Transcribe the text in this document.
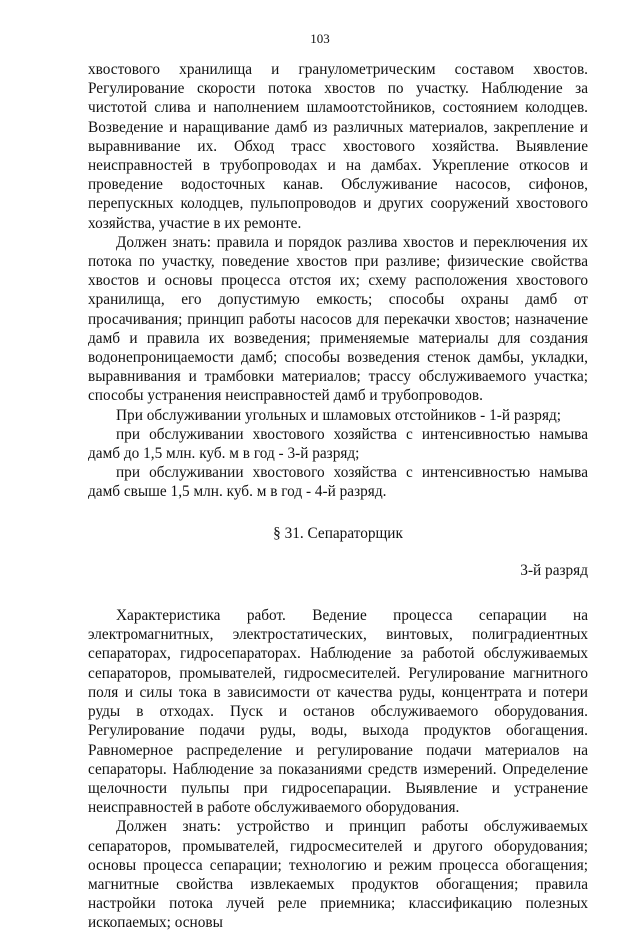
103

хвостового хранилища и гранулометрическим составом хвостов. Регулирование скорости потока хвостов по участку. Наблюдение за чистотой слива и наполнением шламоотстойников, состоянием колодцев. Возведение и наращивание дамб из различных материалов, закрепление и выравнивание их. Обход трасс хвостового хозяйства. Выявление неисправностей в трубопроводах и на дамбах. Укрепление откосов и проведение водосточных канав. Обслуживание насосов, сифонов, перепускных колодцев, пульпопроводов и других сооружений хвостового хозяйства, участие в их ремонте.

Должен знать: правила и порядок разлива хвостов и переключения их потока по участку, поведение хвостов при разливе; физические свойства хвостов и основы процесса отстоя их; схему расположения хвостового хранилища, его допустимую емкость; способы охраны дамб от просачивания; принцип работы насосов для перекачки хвостов; назначение дамб и правила их возведения; применяемые материалы для создания водонепроницаемости дамб; способы возведения стенок дамбы, укладки, выравнивания и трамбовки материалов; трассу обслуживаемого участка; способы устранения неисправностей дамб и трубопроводов.

При обслуживании угольных и шламовых отстойников - 1-й разряд;

при обслуживании хвостового хозяйства с интенсивностью намыва дамб до 1,5 млн. куб. м в год - 3-й разряд;

при обслуживании хвостового хозяйства с интенсивностью намыва дамб свыше 1,5 млн. куб. м в год - 4-й разряд.

§ 31. Сепараторщик

3-й разряд

Характеристика работ. Ведение процесса сепарации на электромагнитных, электростатических, винтовых, полиградиентных сепараторах, гидросепараторах. Наблюдение за работой обслуживаемых сепараторов, промывателей, гидросмесителей. Регулирование магнитного поля и силы тока в зависимости от качества руды, концентрата и потери руды в отходах. Пуск и останов обслуживаемого оборудования. Регулирование подачи руды, воды, выхода продуктов обогащения. Равномерное распределение и регулирование подачи материалов на сепараторы. Наблюдение за показаниями средств измерений. Определение щелочности пульпы при гидросепарации. Выявление и устранение неисправностей в работе обслуживаемого оборудования.

Должен знать: устройство и принцип работы обслуживаемых сепараторов, промывателей, гидросмесителей и другого оборудования; основы процесса сепарации; технологию и режим процесса обогащения; магнитные свойства извлекаемых продуктов обогащения; правила настройки потока лучей реле приемника; классификацию полезных ископаемых; основы
